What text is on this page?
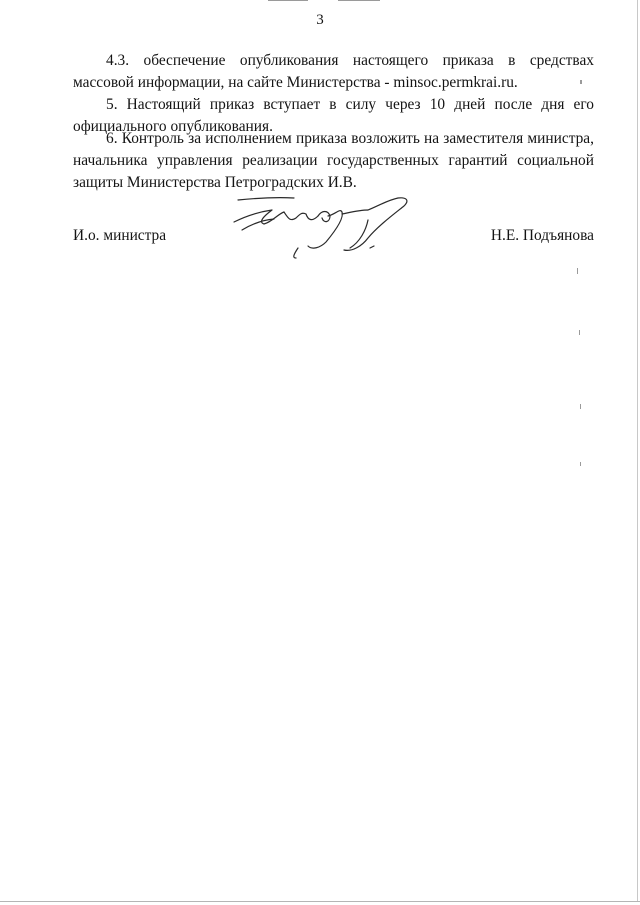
3
4.3. обеспечение опубликования настоящего приказа в средствах
массовой информации, на сайте Министерства - minsoc.permkrai.ru.
5. Настоящий приказ вступает в силу через 10 дней после дня его
официального опубликования.
6. Контроль за исполнением приказа возложить на заместителя министра,
начальника управления реализации государственных гарантий социальной
защиты Министерства Петроградских И.В.
И.о. министра	Н.Е. Подъянова
